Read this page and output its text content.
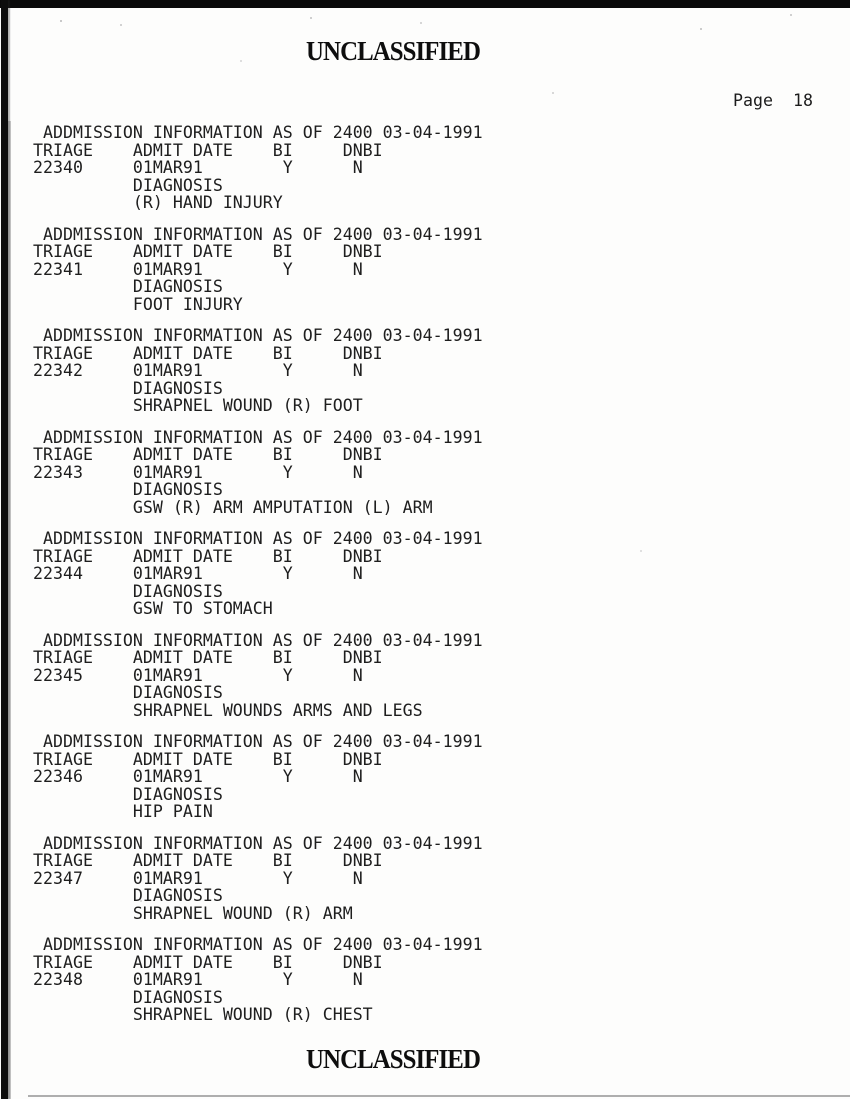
UNCLASSIFIED
Page 18
ADDMISSION INFORMATION AS OF 2400 03-04-1991
TRIAGE    ADMIT DATE    BI     DNBI
22340     01MAR91        Y      N
DIAGNOSIS
(R) HAND INJURY
ADDMISSION INFORMATION AS OF 2400 03-04-1991
TRIAGE    ADMIT DATE    BI     DNBI
22341     01MAR91        Y      N
DIAGNOSIS
FOOT INJURY
ADDMISSION INFORMATION AS OF 2400 03-04-1991
TRIAGE    ADMIT DATE    BI     DNBI
22342     01MAR91        Y      N
DIAGNOSIS
SHRAPNEL WOUND (R) FOOT
ADDMISSION INFORMATION AS OF 2400 03-04-1991
TRIAGE    ADMIT DATE    BI     DNBI
22343     01MAR91        Y      N
DIAGNOSIS
GSW (R) ARM AMPUTATION (L) ARM
ADDMISSION INFORMATION AS OF 2400 03-04-1991
TRIAGE    ADMIT DATE    BI     DNBI
22344     01MAR91        Y      N
DIAGNOSIS
GSW TO STOMACH
ADDMISSION INFORMATION AS OF 2400 03-04-1991
TRIAGE    ADMIT DATE    BI     DNBI
22345     01MAR91        Y      N
DIAGNOSIS
SHRAPNEL WOUNDS ARMS AND LEGS
ADDMISSION INFORMATION AS OF 2400 03-04-1991
TRIAGE    ADMIT DATE    BI     DNBI
22346     01MAR91        Y      N
DIAGNOSIS
HIP PAIN
ADDMISSION INFORMATION AS OF 2400 03-04-1991
TRIAGE    ADMIT DATE    BI     DNBI
22347     01MAR91        Y      N
DIAGNOSIS
SHRAPNEL WOUND (R) ARM
ADDMISSION INFORMATION AS OF 2400 03-04-1991
TRIAGE    ADMIT DATE    BI     DNBI
22348     01MAR91        Y      N
DIAGNOSIS
SHRAPNEL WOUND (R) CHEST
UNCLASSIFIED
